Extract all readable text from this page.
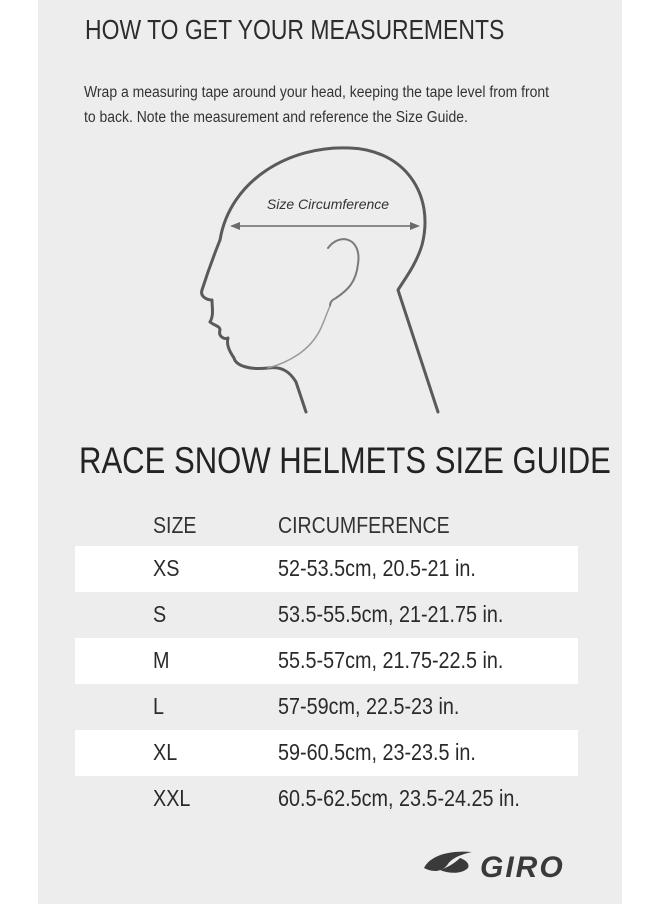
HOW TO GET YOUR MEASUREMENTS
Wrap a measuring tape around your head, keeping the tape level from front to back. Note the measurement and reference the Size Guide.
Size Circumference
RACE SNOW HELMETS SIZE GUIDE
SIZE	CIRCUMFERENCE
XS	52-53.5cm, 20.5-21 in.
S	53.5-55.5cm, 21-21.75 in.
M	55.5-57cm, 21.75-22.5 in.
L	57-59cm, 22.5-23 in.
XL	59-60.5cm, 23-23.5 in.
XXL	60.5-62.5cm, 23.5-24.25 in.
GIRO
